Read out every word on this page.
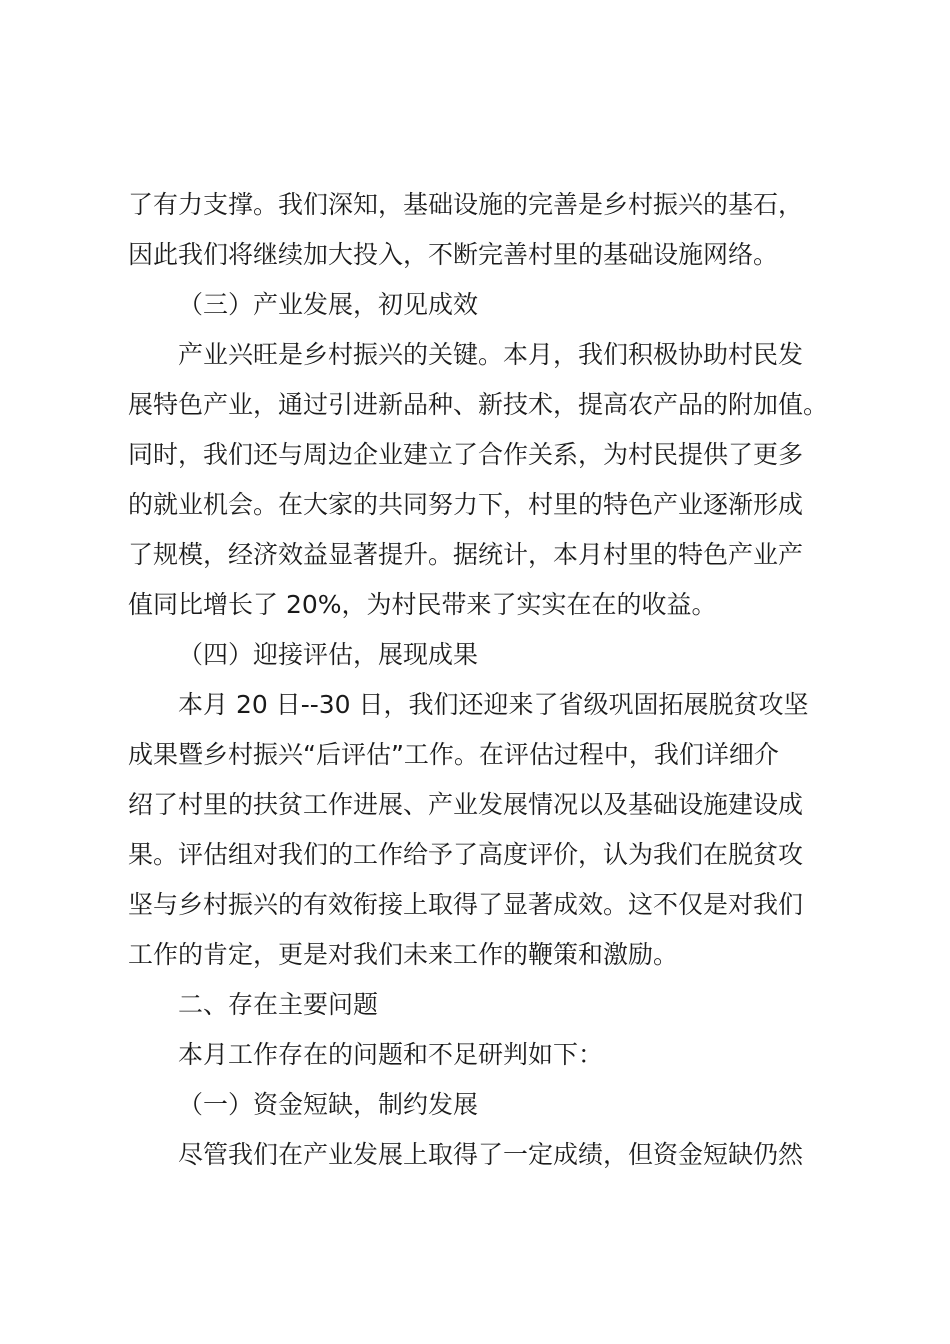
了有力支撑。我们深知，基础设施的完善是乡村振兴的基石，
因此我们将继续加大投入，不断完善村里的基础设施网络。
（三）产业发展，初见成效
产业兴旺是乡村振兴的关键。本月，我们积极协助村民发
展特色产业，通过引进新品种、新技术，提高农产品的附加值。
同时，我们还与周边企业建立了合作关系，为村民提供了更多
的就业机会。在大家的共同努力下，村里的特色产业逐渐形成
了规模，经济效益显著提升。据统计，本月村里的特色产业产
值同比增长了 20%，为村民带来了实实在在的收益。
（四）迎接评估，展现成果
本月 20 日--30 日，我们还迎来了省级巩固拓展脱贫攻坚
成果暨乡村振兴“后评估”工作。在评估过程中，我们详细介
绍了村里的扶贫工作进展、产业发展情况以及基础设施建设成
果。评估组对我们的工作给予了高度评价，认为我们在脱贫攻
坚与乡村振兴的有效衔接上取得了显著成效。这不仅是对我们
工作的肯定，更是对我们未来工作的鞭策和激励。
二、存在主要问题
本月工作存在的问题和不足研判如下：
（一）资金短缺，制约发展
尽管我们在产业发展上取得了一定成绩，但资金短缺仍然
